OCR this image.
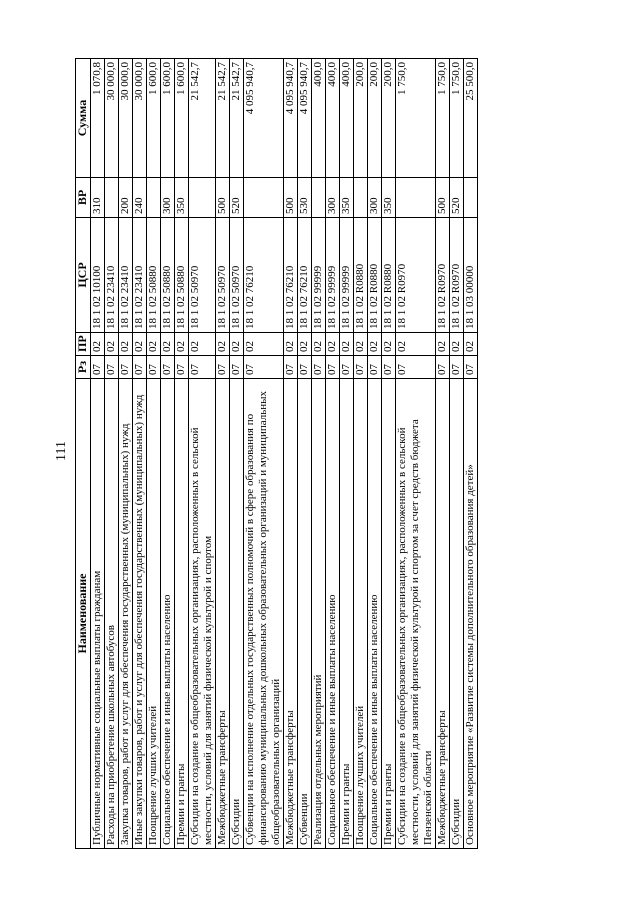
111
Наименование	Рз	ПР	ЦСР	ВР	Сумма
Публичные нормативные социальные выплаты гражданам	07	02	18 1 02 10100	310	1 070,8
Расходы на приобретение школьных автобусов	07	02	18 1 02 23410		30 000,0
Закупка товаров, работ и услуг для обеспечения государственных (муниципальных) нужд	07	02	18 1 02 23410	200	30 000,0
Иные закупки товаров, работ и услуг для обеспечения государственных (муниципальных) нужд	07	02	18 1 02 23410	240	30 000,0
Поощрение лучших учителей	07	02	18 1 02 50880		1 600,0
Социальное обеспечение и иные выплаты населению	07	02	18 1 02 50880	300	1 600,0
Премии и гранты	07	02	18 1 02 50880	350	1 600,0
Субсидии на создание в общеобразовательных организациях, расположенных в сельской местности, условий для занятий физической культурой и спортом	07	02	18 1 02 50970		21 542,7
Межбюджетные трансферты	07	02	18 1 02 50970	500	21 542,7
Субсидии	07	02	18 1 02 50970	520	21 542,7
Субвенции на исполнение отдельных государственных полномочий в сфере образования по финансированию муниципальных дошкольных образовательных организаций и муниципальных общеобразовательных организаций	07	02	18 1 02 76210		4 095 940,7
Межбюджетные трансферты	07	02	18 1 02 76210	500	4 095 940,7
Субвенции	07	02	18 1 02 76210	530	4 095 940,7
Реализация отдельных мероприятий	07	02	18 1 02 99999		400,0
Социальное обеспечение и иные выплаты населению	07	02	18 1 02 99999	300	400,0
Премии и гранты	07	02	18 1 02 99999	350	400,0
Поощрение лучших учителей	07	02	18 1 02 R0880		200,0
Социальное обеспечение и иные выплаты населению	07	02	18 1 02 R0880	300	200,0
Премии и гранты	07	02	18 1 02 R0880	350	200,0
Субсидии на создание в общеобразовательных организациях, расположенных в сельской местности, условий для занятий физической культурой и спортом за счет средств бюджета Пензенской области	07	02	18 1 02 R0970		1 750,0
Межбюджетные трансферты	07	02	18 1 02 R0970	500	1 750,0
Субсидии	07	02	18 1 02 R0970	520	1 750,0
Основное мероприятие «Развитие системы дополнительного образования детей»	07	02	18 1 03 00000		25 500,0
